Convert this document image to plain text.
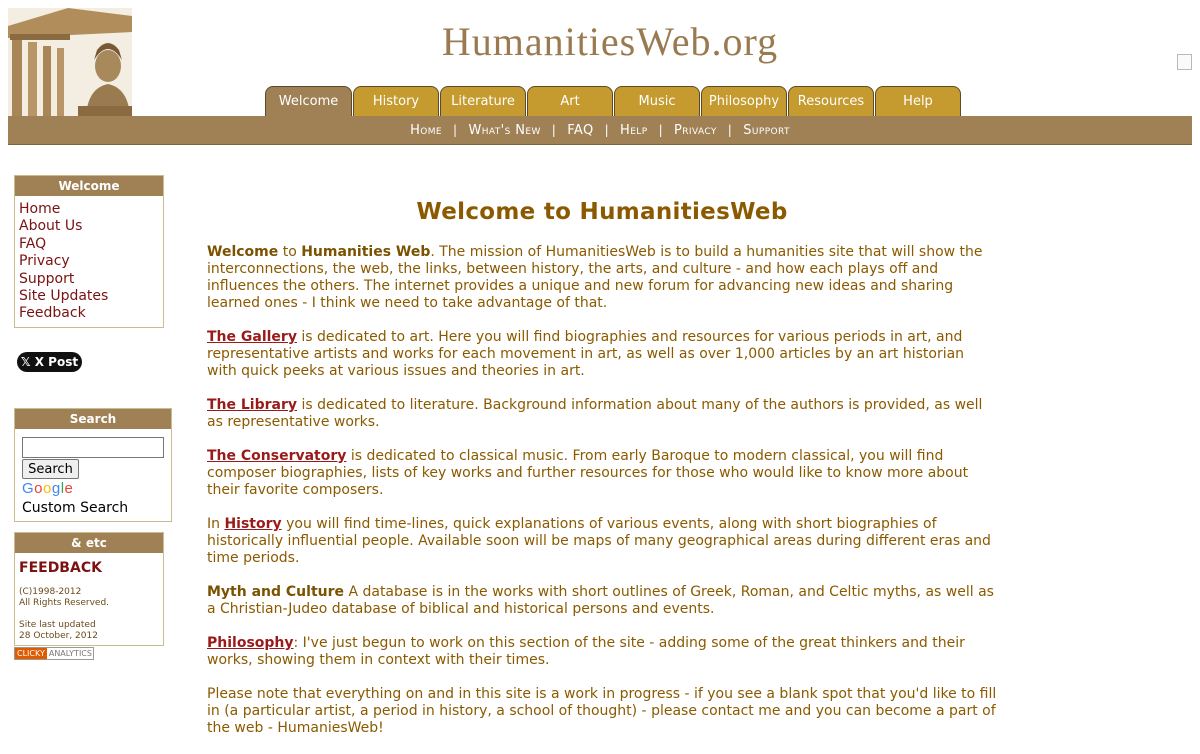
HumanitiesWeb.org
Welcome	History	Literature	Art	Music	Philosophy	Resources	Help
Home | What's New | FAQ | Help | Privacy | Support
Welcome
Home
About Us
FAQ
Privacy
Support
Site Updates
Feedback
𝕏 X Post
Search
Search
Google
Custom Search
& etc
FEEDBACK
(C)1998-2012
All Rights Reserved.
Site last updated
28 October, 2012
CLICKY ANALYTICS
Welcome to HumanitiesWeb

Welcome to Humanities Web. The mission of HumanitiesWeb is to build a humanities site that will show the interconnections, the web, the links, between history, the arts, and culture - and how each plays off and influences the others. The internet provides a unique and new forum for advancing new ideas and sharing learned ones - I think we need to take advantage of that.

The Gallery is dedicated to art. Here you will find biographies and resources for various periods in art, and representative artists and works for each movement in art, as well as over 1,000 articles by an art historian with quick peeks at various issues and theories in art.

The Library is dedicated to literature. Background information about many of the authors is provided, as well as representative works.

The Conservatory is dedicated to classical music. From early Baroque to modern classical, you will find composer biographies, lists of key works and further resources for those who would like to know more about their favorite composers.

In History you will find time-lines, quick explanations of various events, along with short biographies of historically influential people. Available soon will be maps of many geographical areas during different eras and time periods.

Myth and Culture A database is in the works with short outlines of Greek, Roman, and Celtic myths, as well as a Christian-Judeo database of biblical and historical persons and events.

Philosophy: I've just begun to work on this section of the site - adding some of the great thinkers and their works, showing them in context with their times.

Please note that everything on and in this site is a work in progress - if you see a blank spot that you'd like to fill in (a particular artist, a period in history, a school of thought) - please contact me and you can become a part of the web - HumaniesWeb!
